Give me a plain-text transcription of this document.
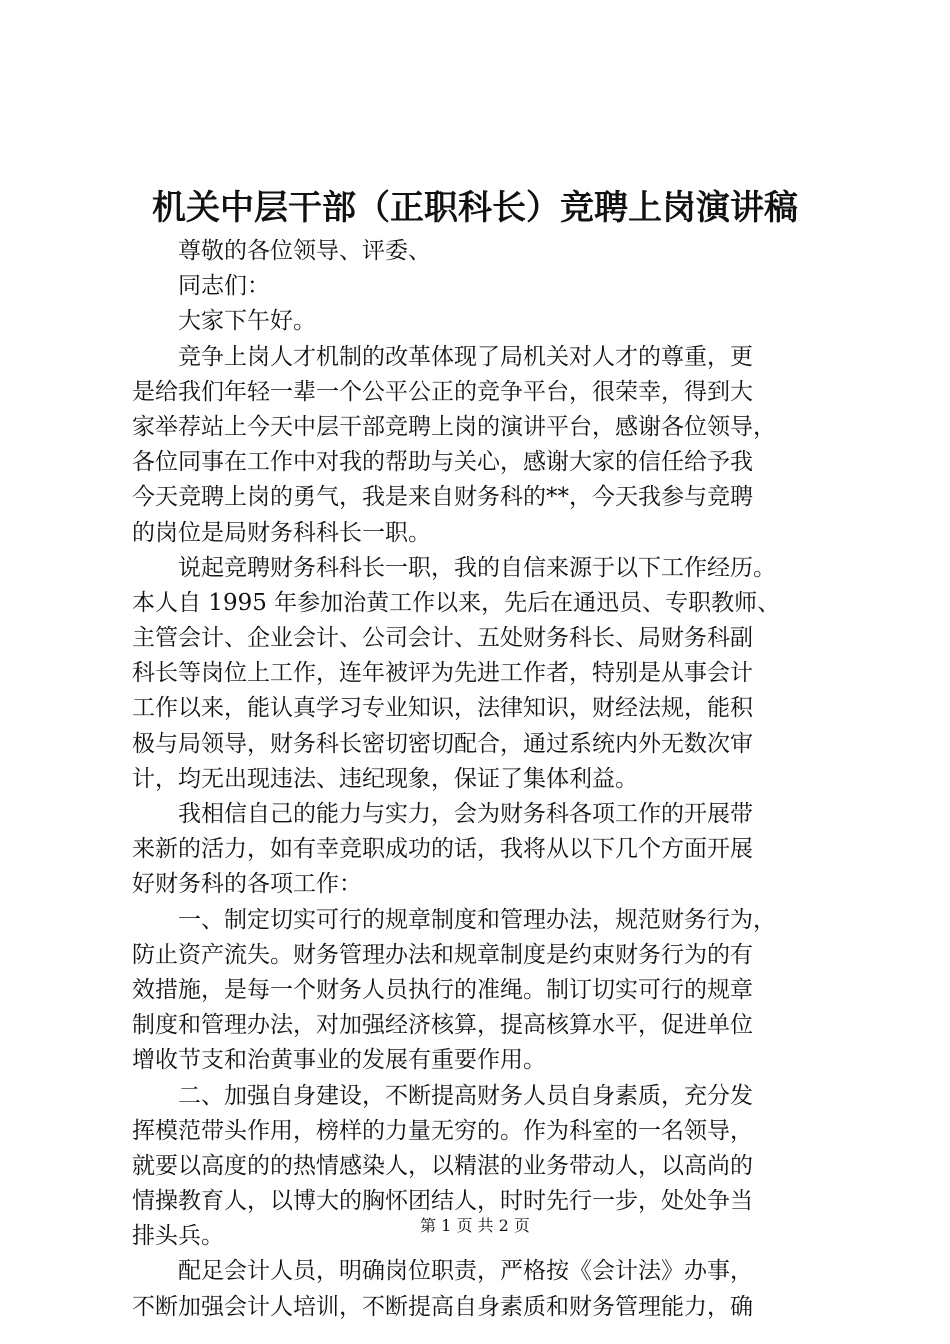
机关中层干部（正职科长）竞聘上岗演讲稿
尊敬的各位领导、评委、
同志们：
大家下午好。
竞争上岗人才机制的改革体现了局机关对人才的尊重，更
是给我们年轻一辈一个公平公正的竞争平台，很荣幸，得到大
家举荐站上今天中层干部竞聘上岗的演讲平台，感谢各位领导，
各位同事在工作中对我的帮助与关心，感谢大家的信任给予我
今天竞聘上岗的勇气，我是来自财务科的**，今天我参与竞聘
的岗位是局财务科科长一职。
说起竞聘财务科科长一职，我的自信来源于以下工作经历。
本人自 1995 年参加治黄工作以来，先后在通迅员、专职教师、
主管会计、企业会计、公司会计、五处财务科长、局财务科副
科长等岗位上工作，连年被评为先进工作者，特别是从事会计
工作以来，能认真学习专业知识，法律知识，财经法规，能积
极与局领导，财务科长密切密切配合，通过系统内外无数次审
计，均无出现违法、违纪现象，保证了集体利益。
我相信自己的能力与实力，会为财务科各项工作的开展带
来新的活力，如有幸竞职成功的话，我将从以下几个方面开展
好财务科的各项工作：
一、制定切实可行的规章制度和管理办法，规范财务行为，
防止资产流失。财务管理办法和规章制度是约束财务行为的有
效措施，是每一个财务人员执行的准绳。制订切实可行的规章
制度和管理办法，对加强经济核算，提高核算水平，促进单位
增收节支和治黄事业的发展有重要作用。
二、加强自身建设，不断提高财务人员自身素质，充分发
挥模范带头作用，榜样的力量无穷的。作为科室的一名领导，
就要以高度的的热情感染人，以精湛的业务带动人，以高尚的
情操教育人，以博大的胸怀团结人，时时先行一步，处处争当
排头兵。
配足会计人员，明确岗位职责，严格按《会计法》办事，
不断加强会计人培训，不断提高自身素质和财务管理能力，确
第 1 页 共 2 页
